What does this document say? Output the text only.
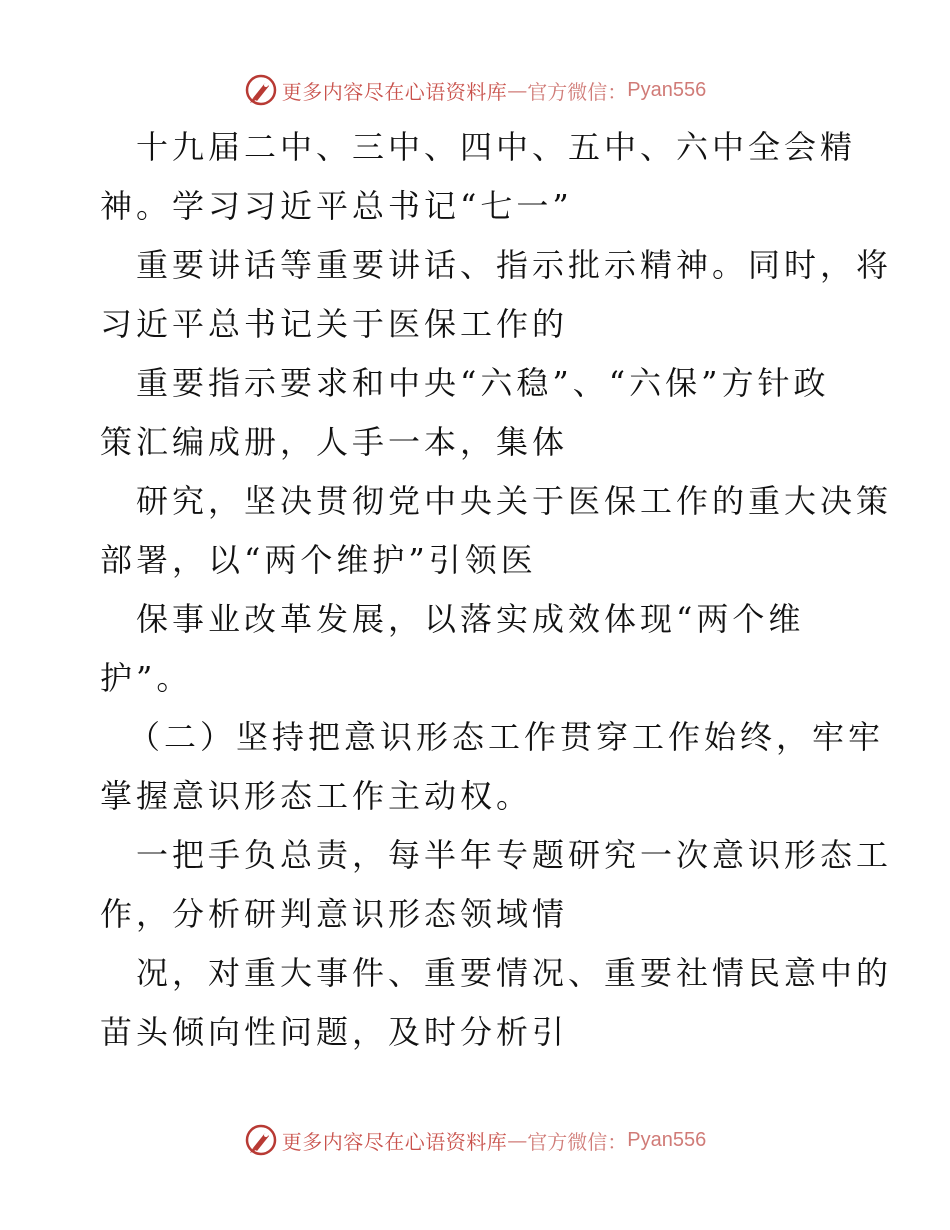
更多内容尽在心语资料库 — 官方微信： Pyan556
十九届二中、三中、四中、五中、六中全会精
神。学习习近平总书记“七一”
重要讲话等重要讲话、指示批示精神。同时，将
习近平总书记关于医保工作的
重要指示要求和中央“六稳”、“六保”方针政
策汇编成册，人手一本，集体
研究，坚决贯彻党中央关于医保工作的重大决策
部署，以“两个维护”引领医
保事业改革发展，以落实成效体现“两个维
护”。
（二）坚持把意识形态工作贯穿工作始终，牢牢
掌握意识形态工作主动权。
一把手负总责，每半年专题研究一次意识形态工
作，分析研判意识形态领域情
况，对重大事件、重要情况、重要社情民意中的
苗头倾向性问题，及时分析引
更多内容尽在心语资料库 — 官方微信： Pyan556
